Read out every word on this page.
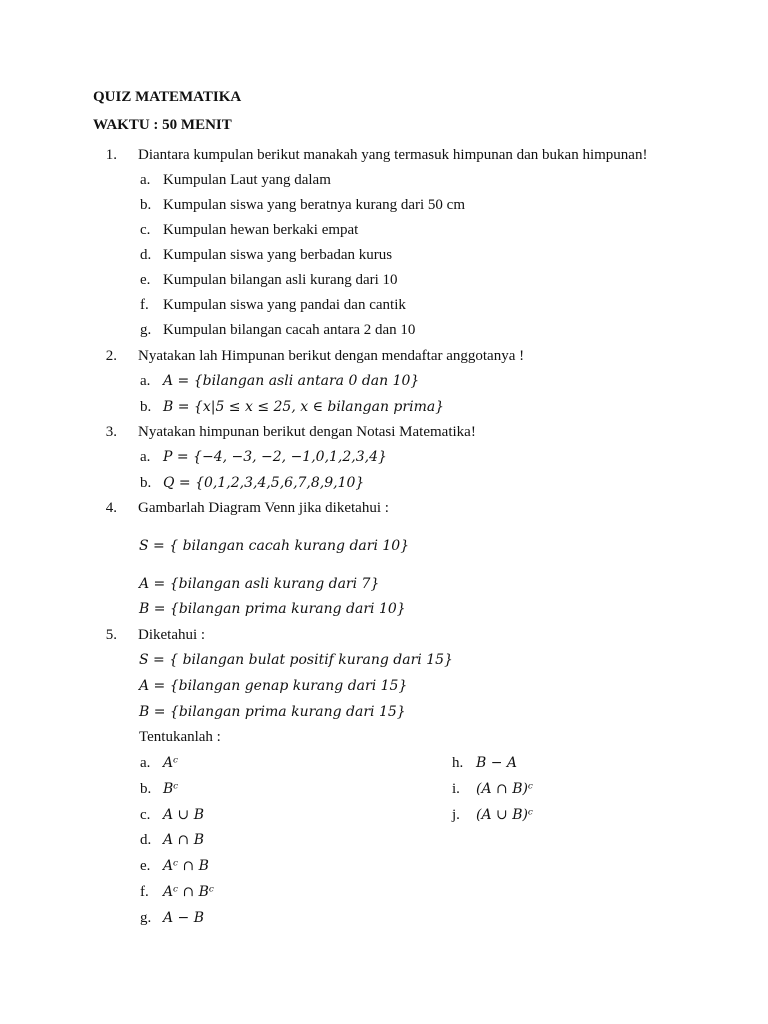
QUIZ MATEMATIKA
WAKTU : 50 MENIT
1. Diantara kumpulan berikut manakah yang termasuk himpunan dan bukan himpunan!
a. Kumpulan Laut yang dalam
b. Kumpulan siswa yang beratnya kurang dari 50 cm
c. Kumpulan hewan berkaki empat
d. Kumpulan siswa yang berbadan kurus
e. Kumpulan bilangan asli kurang dari 10
f. Kumpulan siswa yang pandai dan cantik
g. Kumpulan bilangan cacah antara 2 dan 10
2. Nyatakan lah Himpunan berikut dengan mendaftar anggotanya !
a. A = {bilangan asli antara 0 dan 10}
b. B = {x|5 ≤ x ≤ 25, x ∈ bilangan prima}
3. Nyatakan himpunan berikut dengan Notasi Matematika!
a. P = {−4, −3, −2, −1,0,1,2,3,4}
b. Q = {0,1,2,3,4,5,6,7,8,9,10}
4. Gambarlah Diagram Venn jika diketahui :
S = { bilangan cacah kurang dari 10}
A = {bilangan asli kurang dari 7}
B = {bilangan prima kurang dari 10}
5. Diketahui :
S = { bilangan bulat positif kurang dari 15}
A = {bilangan genap kurang dari 15}
B = {bilangan prima kurang dari 15}
Tentukanlah :
a. Aᶜ
b. Bᶜ
c. A ∪ B
d. A ∩ B
e. Aᶜ ∩ B
f. Aᶜ ∩ Bᶜ
g. A − B
h. B − A
i. (A ∩ B)ᶜ
j. (A ∪ B)ᶜ
